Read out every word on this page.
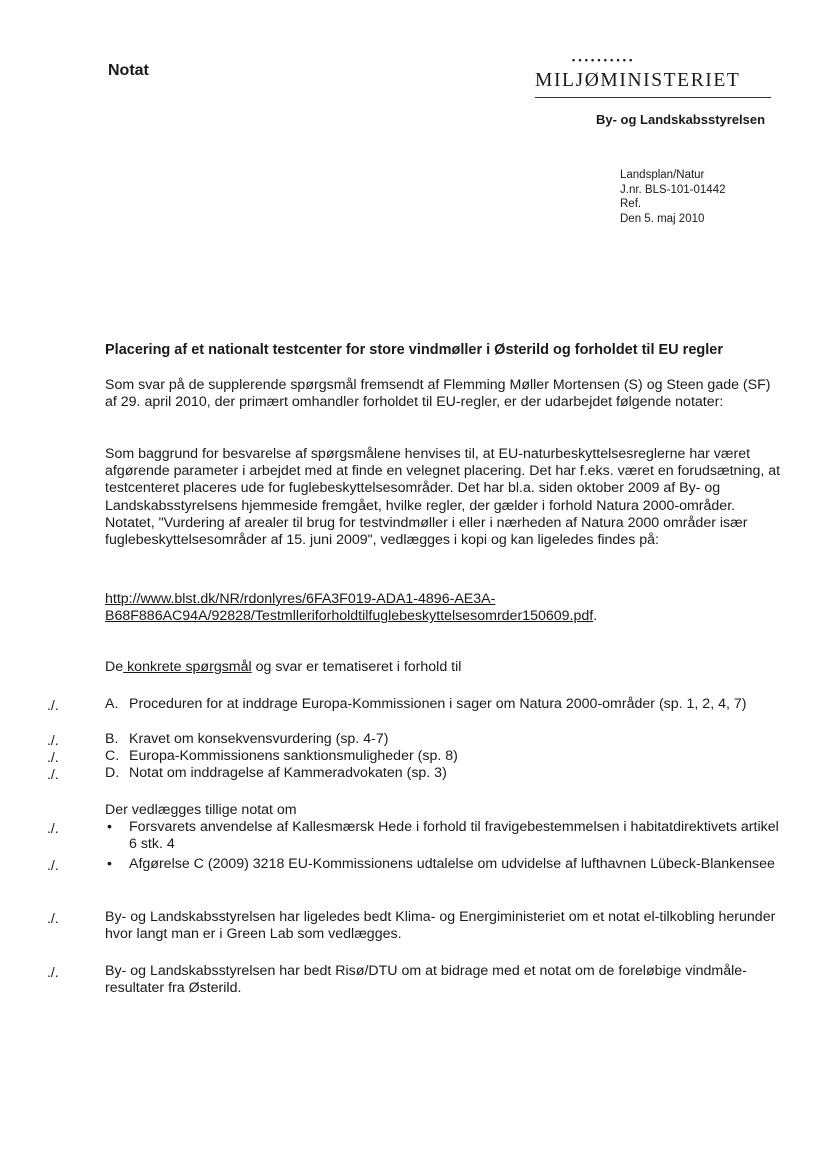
Notat
••••••••••
MILJØMINISTERIET
By- og Landskabsstyrelsen
Landsplan/Natur
J.nr. BLS-101-01442
Ref.
Den 5. maj 2010
Placering af et nationalt testcenter for store vindmøller i Østerild og forholdet til EU regler
Som svar på de supplerende spørgsmål fremsendt af Flemming Møller Mortensen (S) og Steen gade (SF) af 29. april 2010, der primært omhandler forholdet til EU-regler, er der udarbejdet følgende notater:
Som baggrund for besvarelse af spørgsmålene henvises til, at EU-naturbeskyttelsesreglerne har været afgørende parameter i arbejdet med at finde en velegnet placering. Det har f.eks. været en forudsætning, at testcenteret placeres ude for fuglebeskyttelsesområder. Det har bl.a. siden oktober 2009 af By- og Landskabsstyrelsens hjemmeside fremgået, hvilke regler, der gælder i forhold Natura 2000-områder. Notatet, "Vurdering af arealer til brug for testvindmøller i eller i nærheden af Natura 2000 områder især fuglebeskyttelsesområder af 15. juni 2009", vedlægges i kopi og kan ligeledes findes på:
http://www.blst.dk/NR/rdonlyres/6FA3F019-ADA1-4896-AE3A-
B68F886AC94A/92828/Testmlleriforholdtilfuglebeskyttelsesomrder150609.pdf.
De konkrete spørgsmål og svar er tematiseret i forhold til
./.	A. Proceduren for at inddrage Europa-Kommissionen i sager om Natura 2000-områder (sp. 1, 2, 4, 7)
./.	B. Kravet om konsekvensvurdering (sp. 4-7)
./.	C. Europa-Kommissionens sanktionsmuligheder (sp. 8)
./.	D. Notat om inddragelse af Kammeradvokaten (sp. 3)
Der vedlægges tillige notat om
./.	•	Forsvarets anvendelse af Kallesmærsk Hede i forhold til fravigebestemmelsen i habitatdirektivets artikel 6 stk. 4
./.	•	Afgørelse C (2009) 3218 EU-Kommissionens udtalelse om udvidelse af lufthavnen Lübeck-Blankensee
./.	By- og Landskabsstyrelsen har ligeledes bedt Klima- og Energiministeriet om et notat el-tilkobling herunder hvor langt man er i Green Lab som vedlægges.
./.	By- og Landskabsstyrelsen har bedt Risø/DTU om at bidrage med et notat om de foreløbige vindmåle-resultater fra Østerild.
